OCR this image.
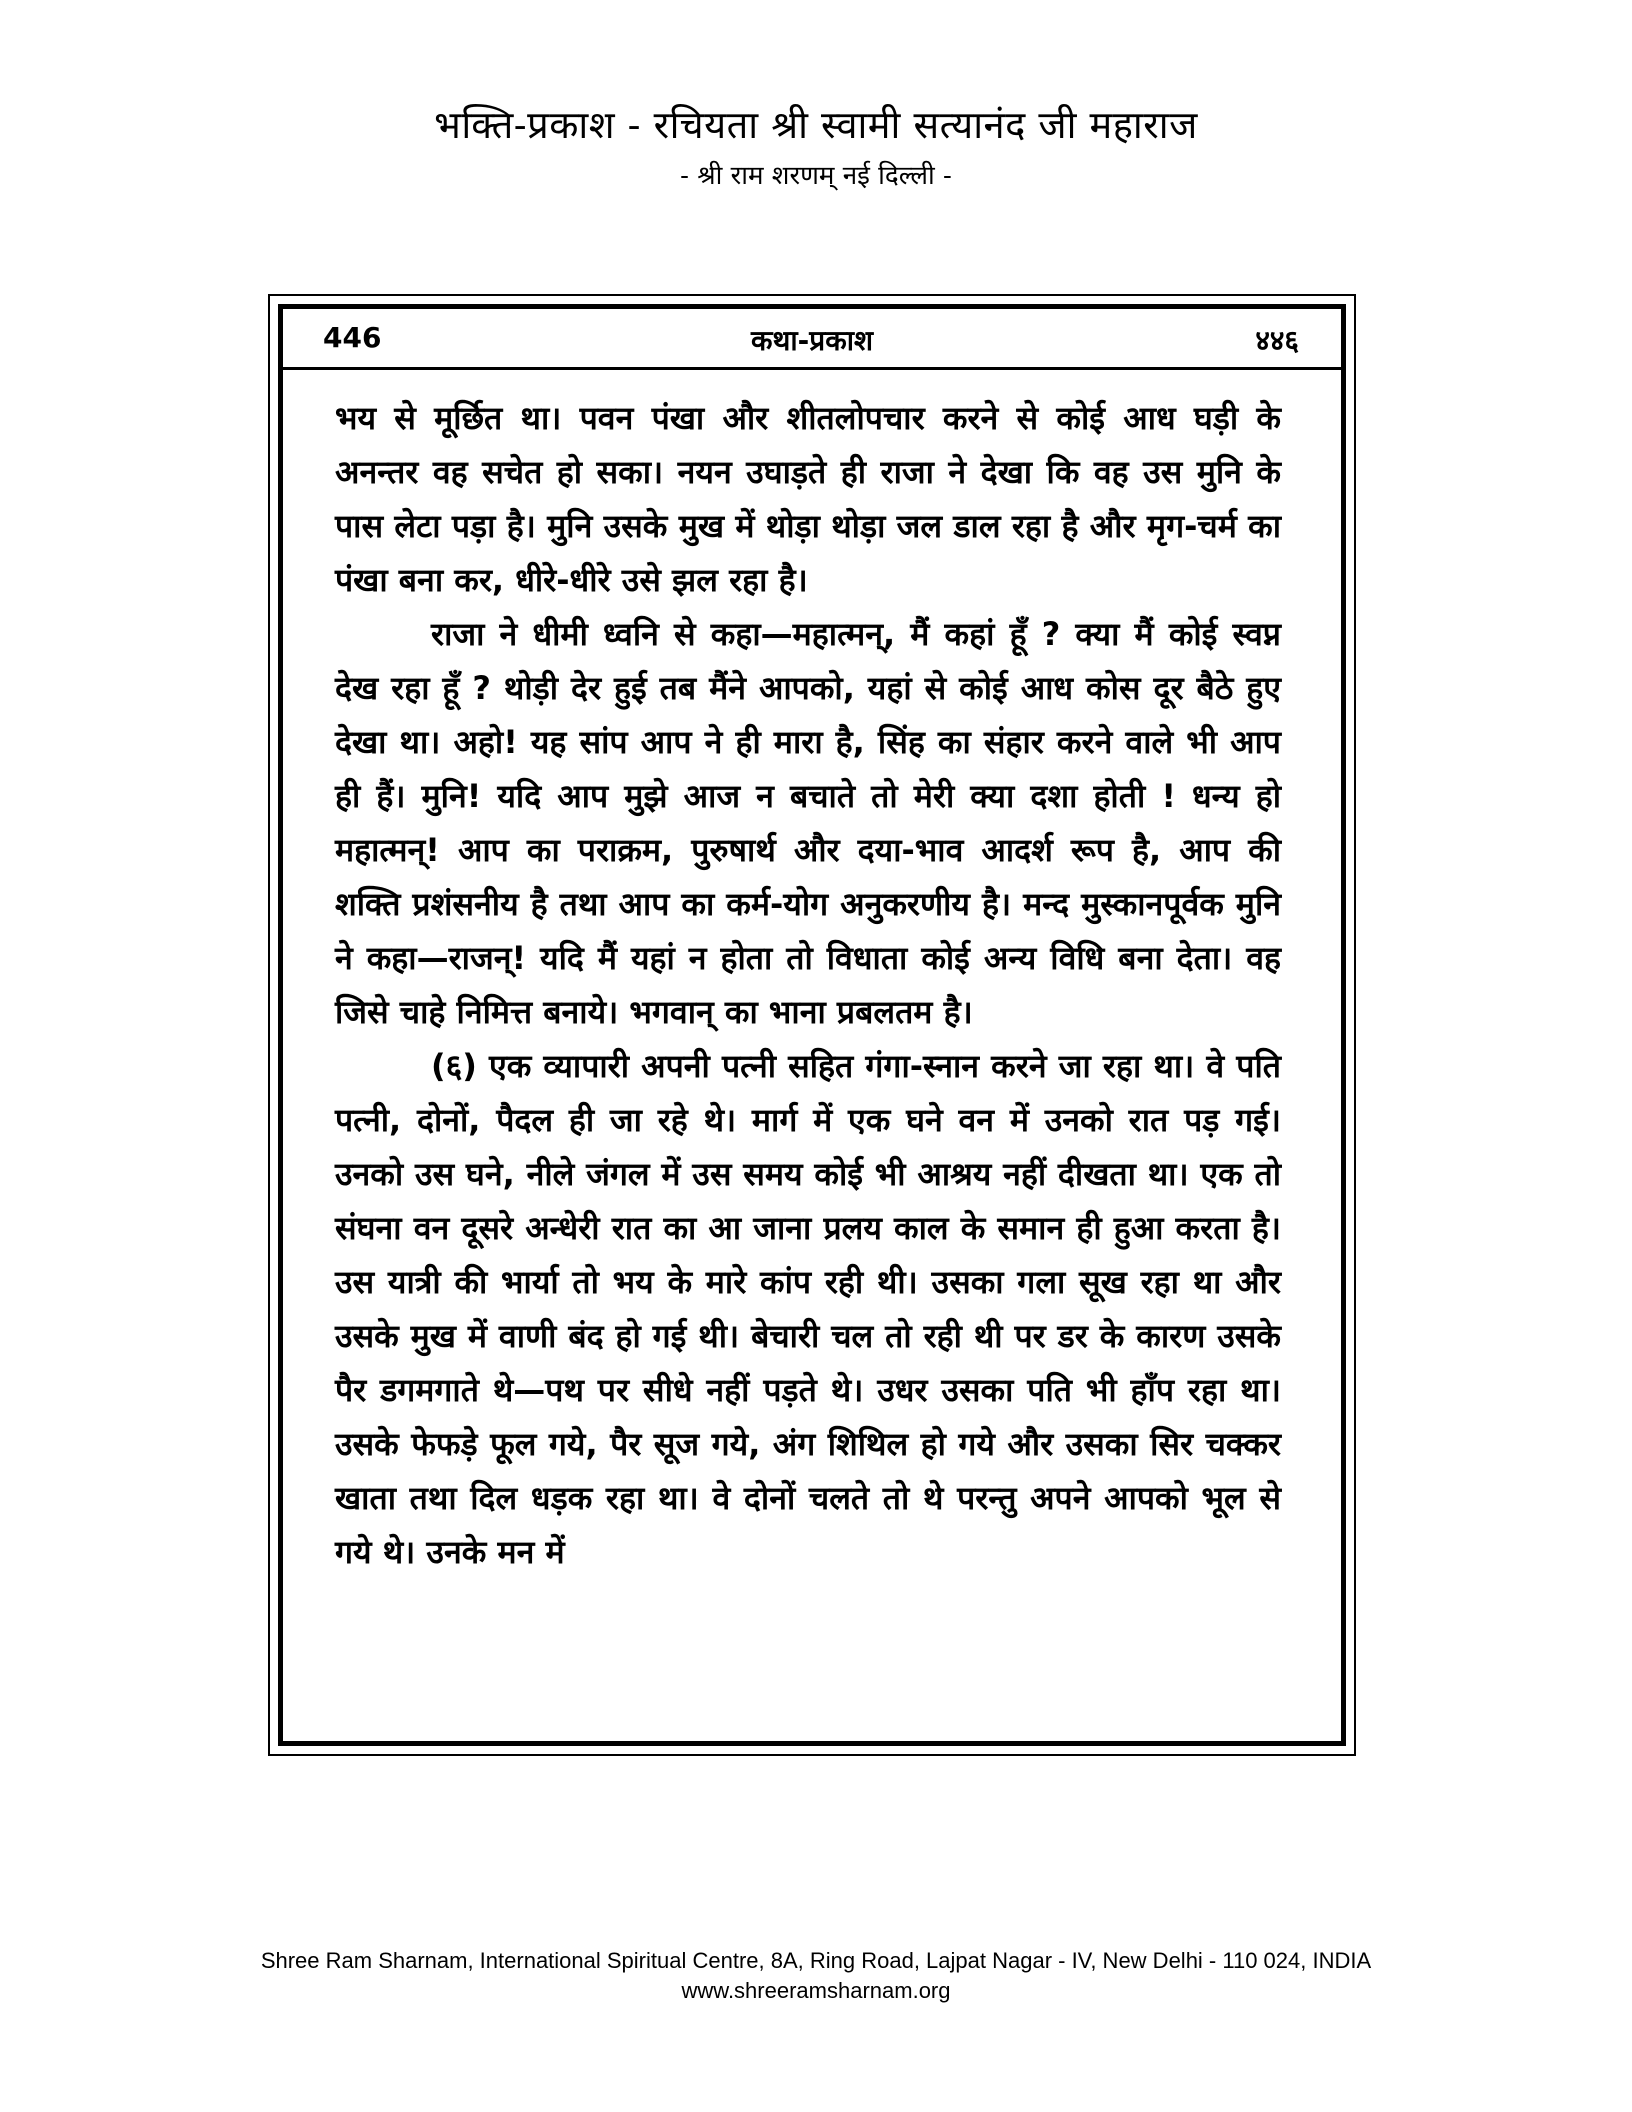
भक्ति-प्रकाश - रचियता श्री स्वामी सत्यानंद जी महाराज
- श्री राम शरणम् नई दिल्ली -
446	कथा-प्रकाश	४४६

भय से मूर्छित था। पवन पंखा और शीतलोपचार करने से कोई आध घड़ी के अनन्तर वह सचेत हो सका। नयन उघाड़ते ही राजा ने देखा कि वह उस मुनि के पास लेटा पड़ा है। मुनि उसके मुख में थोड़ा थोड़ा जल डाल रहा है और मृग-चर्म का पंखा बना कर, धीरे-धीरे उसे झल रहा है।

राजा ने धीमी ध्वनि से कहा—महात्मन्, मैं कहां हूँ ? क्या मैं कोई स्वप्न देख रहा हूँ ? थोड़ी देर हुई तब मैंने आपको, यहां से कोई आध कोस दूर बैठे हुए देखा था। अहो! यह सांप आप ने ही मारा है, सिंह का संहार करने वाले भी आप ही हैं। मुनि! यदि आप मुझे आज न बचाते तो मेरी क्या दशा होती ! धन्य हो महात्मन्! आप का पराक्रम, पुरुषार्थ और दया-भाव आदर्श रूप है, आप की शक्ति प्रशंसनीय है तथा आप का कर्म-योग अनुकरणीय है। मन्द मुस्कानपूर्वक मुनि ने कहा—राजन्! यदि मैं यहां न होता तो विधाता कोई अन्य विधि बना देता। वह जिसे चाहे निमित्त बनाये। भगवान् का भाना प्रबलतम है।

(६) एक व्यापारी अपनी पत्नी सहित गंगा-स्नान करने जा रहा था। वे पति पत्नी, दोनों, पैदल ही जा रहे थे। मार्ग में एक घने वन में उनको रात पड़ गई। उनको उस घने, नीले जंगल में उस समय कोई भी आश्रय नहीं दीखता था। एक तो संघना वन दूसरे अन्धेरी रात का आ जाना प्रलय काल के समान ही हुआ करता है। उस यात्री की भार्या तो भय के मारे कांप रही थी। उसका गला सूख रहा था और उसके मुख में वाणी बंद हो गई थी। बेचारी चल तो रही थी पर डर के कारण उसके पैर डगमगाते थे—पथ पर सीधे नहीं पड़ते थे। उधर उसका पति भी हाँप रहा था। उसके फेफड़े फूल गये, पैर सूज गये, अंग शिथिल हो गये और उसका सिर चक्कर खाता तथा दिल धड़क रहा था। वे दोनों चलते तो थे परन्तु अपने आपको भूल से गये थे। उनके मन में

Shree Ram Sharnam, International Spiritual Centre, 8A, Ring Road, Lajpat Nagar - IV, New Delhi - 110 024, INDIA
www.shreeramsharnam.org
